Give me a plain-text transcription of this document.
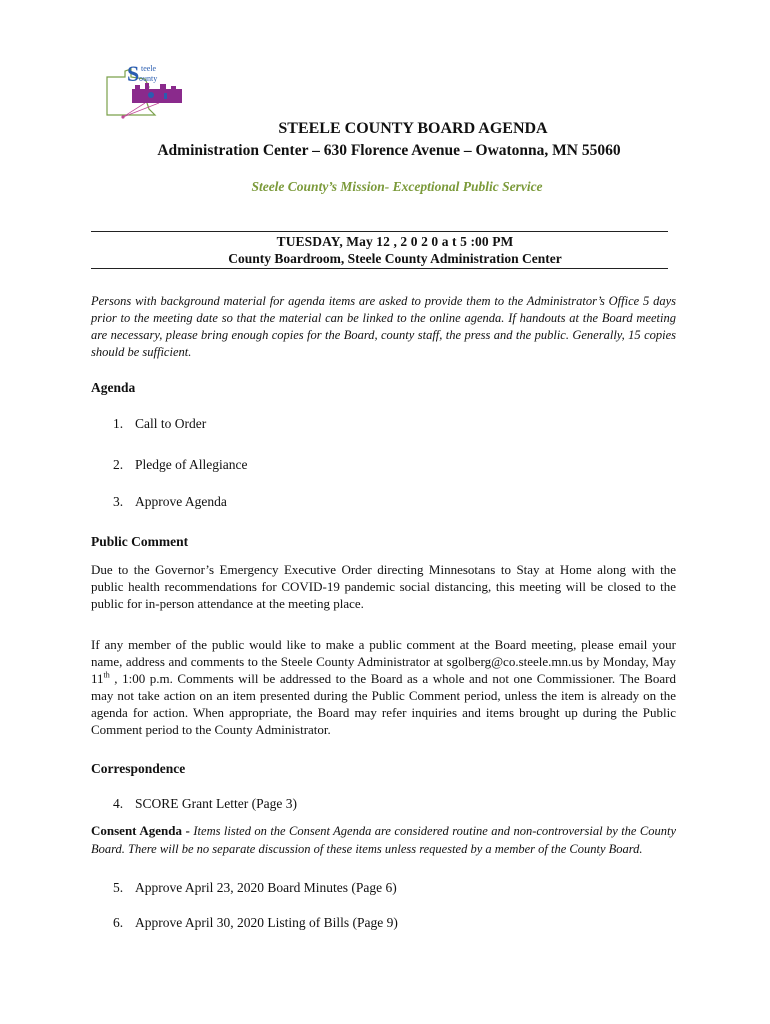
S teele
ounty
STEELE COUNTY BOARD AGENDA
Administration Center – 630 Florence Avenue – Owatonna, MN 55060
Steele County’s Mission- Exceptional Public Service
TUESDAY, May 12 , 2 0 2 0 a t 5 :00 PM
County Boardroom, Steele County Administration Center
Persons with background material for agenda items are asked to provide them to the Administrator’s Office 5 days prior to the meeting date so that the material can be linked to the online agenda. If handouts at the Board meeting are necessary, please bring enough copies for the Board, county staff, the press and the public. Generally, 15 copies should be sufficient.
Agenda
1. Call to Order
2. Pledge of Allegiance
3. Approve Agenda
Public Comment
Due to the Governor’s Emergency Executive Order directing Minnesotans to Stay at Home along with the public health recommendations for COVID-19 pandemic social distancing, this meeting will be closed to the public for in-person attendance at the meeting place.
If any member of the public would like to make a public comment at the Board meeting, please email your name, address and comments to the Steele County Administrator at sgolberg@co.steele.mn.us by Monday, May 11th , 1:00 p.m. Comments will be addressed to the Board as a whole and not one Commissioner. The Board may not take action on an item presented during the Public Comment period, unless the item is already on the agenda for action. When appropriate, the Board may refer inquiries and items brought up during the Public Comment period to the County Administrator.
Correspondence
4. SCORE Grant Letter (Page 3)
Consent Agenda - Items listed on the Consent Agenda are considered routine and non-controversial by the County Board. There will be no separate discussion of these items unless requested by a member of the County Board.
5. Approve April 23, 2020 Board Minutes (Page 6)
6. Approve April 30, 2020 Listing of Bills (Page 9)
